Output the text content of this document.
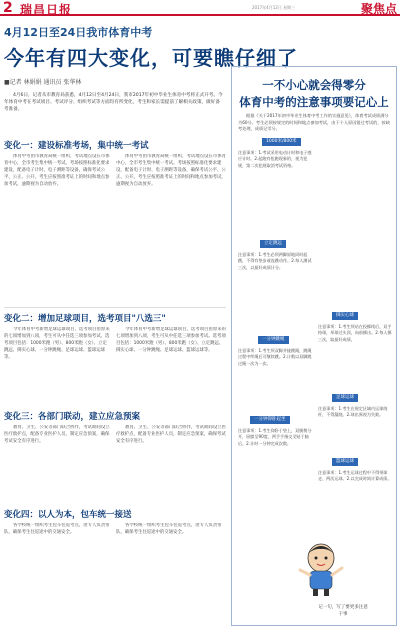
2 瑞昌日报	2017年4月12日 星期三	聚焦点
4月12日至24日我市体育中考
今年有四大变化，可要瞧仔细了
■记者 林娟娟 通讯员 张华林
4月6日，记者从市教育局获悉，4月12日至4月24日，我市2017年初中毕业生体育中考将正式开考。今年体育中考在考试项目、考试评分、组织考试等方面均有所变化，考生和家长需提前了解相关政策，做好备考准备。
变化一：建设标准考场，集中统一考试
体育中考由市教育局统一组织，考试地点设在市体育中心，全市考生集中统一考试。考场按照标准化要求建设，配备电子计时、电子测距等设备，确保考试公平、公正、公开。考生应按照准考证上的时间和地点参加考试，逾期视为自动放弃。
体育中考由市教育局统一组织，考试地点设在市体育中心，全市考生集中统一考试。考场按照标准化要求建设，配备电子计时、电子测距等设备，确保考试公平、公正、公开。考生应按照准考证上的时间和地点参加考试，逾期视为自动放弃。
变化二：增加足球项目，选考项目"八选三"
今年体育中考新增足球运球项目，选考项目由原来的七项增加到八项，考生可从中任选三项参加考试。选考项目包括：1000米跑（男）、800米跑（女）、立定跳远、掷实心球、一分钟跳绳、足球运球、篮球运球等。
今年体育中考新增足球运球项目，选考项目由原来的七项增加到八项，考生可从中任选三项参加考试。选考项目包括：1000米跑（男）、800米跑（女）、立定跳远、掷实心球、一分钟跳绳、足球运球、篮球运球等。
变化三：各部门联动，建立应急预案
教育、卫生、公安等部门联合协作，考试期间设立医疗救护点，配备专业医护人员，制定应急预案，确保考试安全有序进行。
教育、卫生、公安等部门联合协作，考试期间设立医疗救护点，配备专业医护人员，制定应急预案，确保考试安全有序进行。
变化四：以人为本，包车统一接送
各学校统一组织考生包车往返考点，由专人负责带队，确保考生往返途中的交通安全。
各学校统一组织考生包车往返考点，由专人负责带队，确保考生往返途中的交通安全。
一不小心就会得零分
体育中考的注意事项要记心上
根据《关于2017年初中毕业生体育中考工作的实施意见》，体育考试成绩满分为60分。考生必须按规定的时间和地点参加考试，由于个人原因错过考试的，按缺考处理，成绩记零分。
1000米/800米
注意事项：1.考试采用电动计时和电子感应计时。2.起跑有抢跑现象的，视为犯规，第二次犯规取消考试资格。
立定跳远
注意事项：1.考生必须两脚原地同时起跳，不得有垫步或连跳动作。2.每人测试三次，以最好成绩计分。
一分钟跳绳
注意事项：1.考生须双脚并拢跳绳，跳绳过程中绊绳后可继续跳。2.计数以双脚跳过绳一次为一次。
一分钟仰卧起坐
注意事项：1.考生仰卧于垫上，双腿稍分开，屈膝呈90度，两手手指交叉贴于脑后。2.计时一分钟完成次数。
掷实心球
注意事项：1.考生须站在投掷线后，双手持球，举球过头顶，向前掷出。2.每人掷三次，取最好成绩。
足球运球
注意事项：1.考生在规定区域内运球绕杆，不得漏绕。2.球出界视为失败。
篮球运球
注意事项：1.考生运球过程中不得带球走、两次运球。2.以完成时间计算成绩。
记一句，写了要更多注意干事
